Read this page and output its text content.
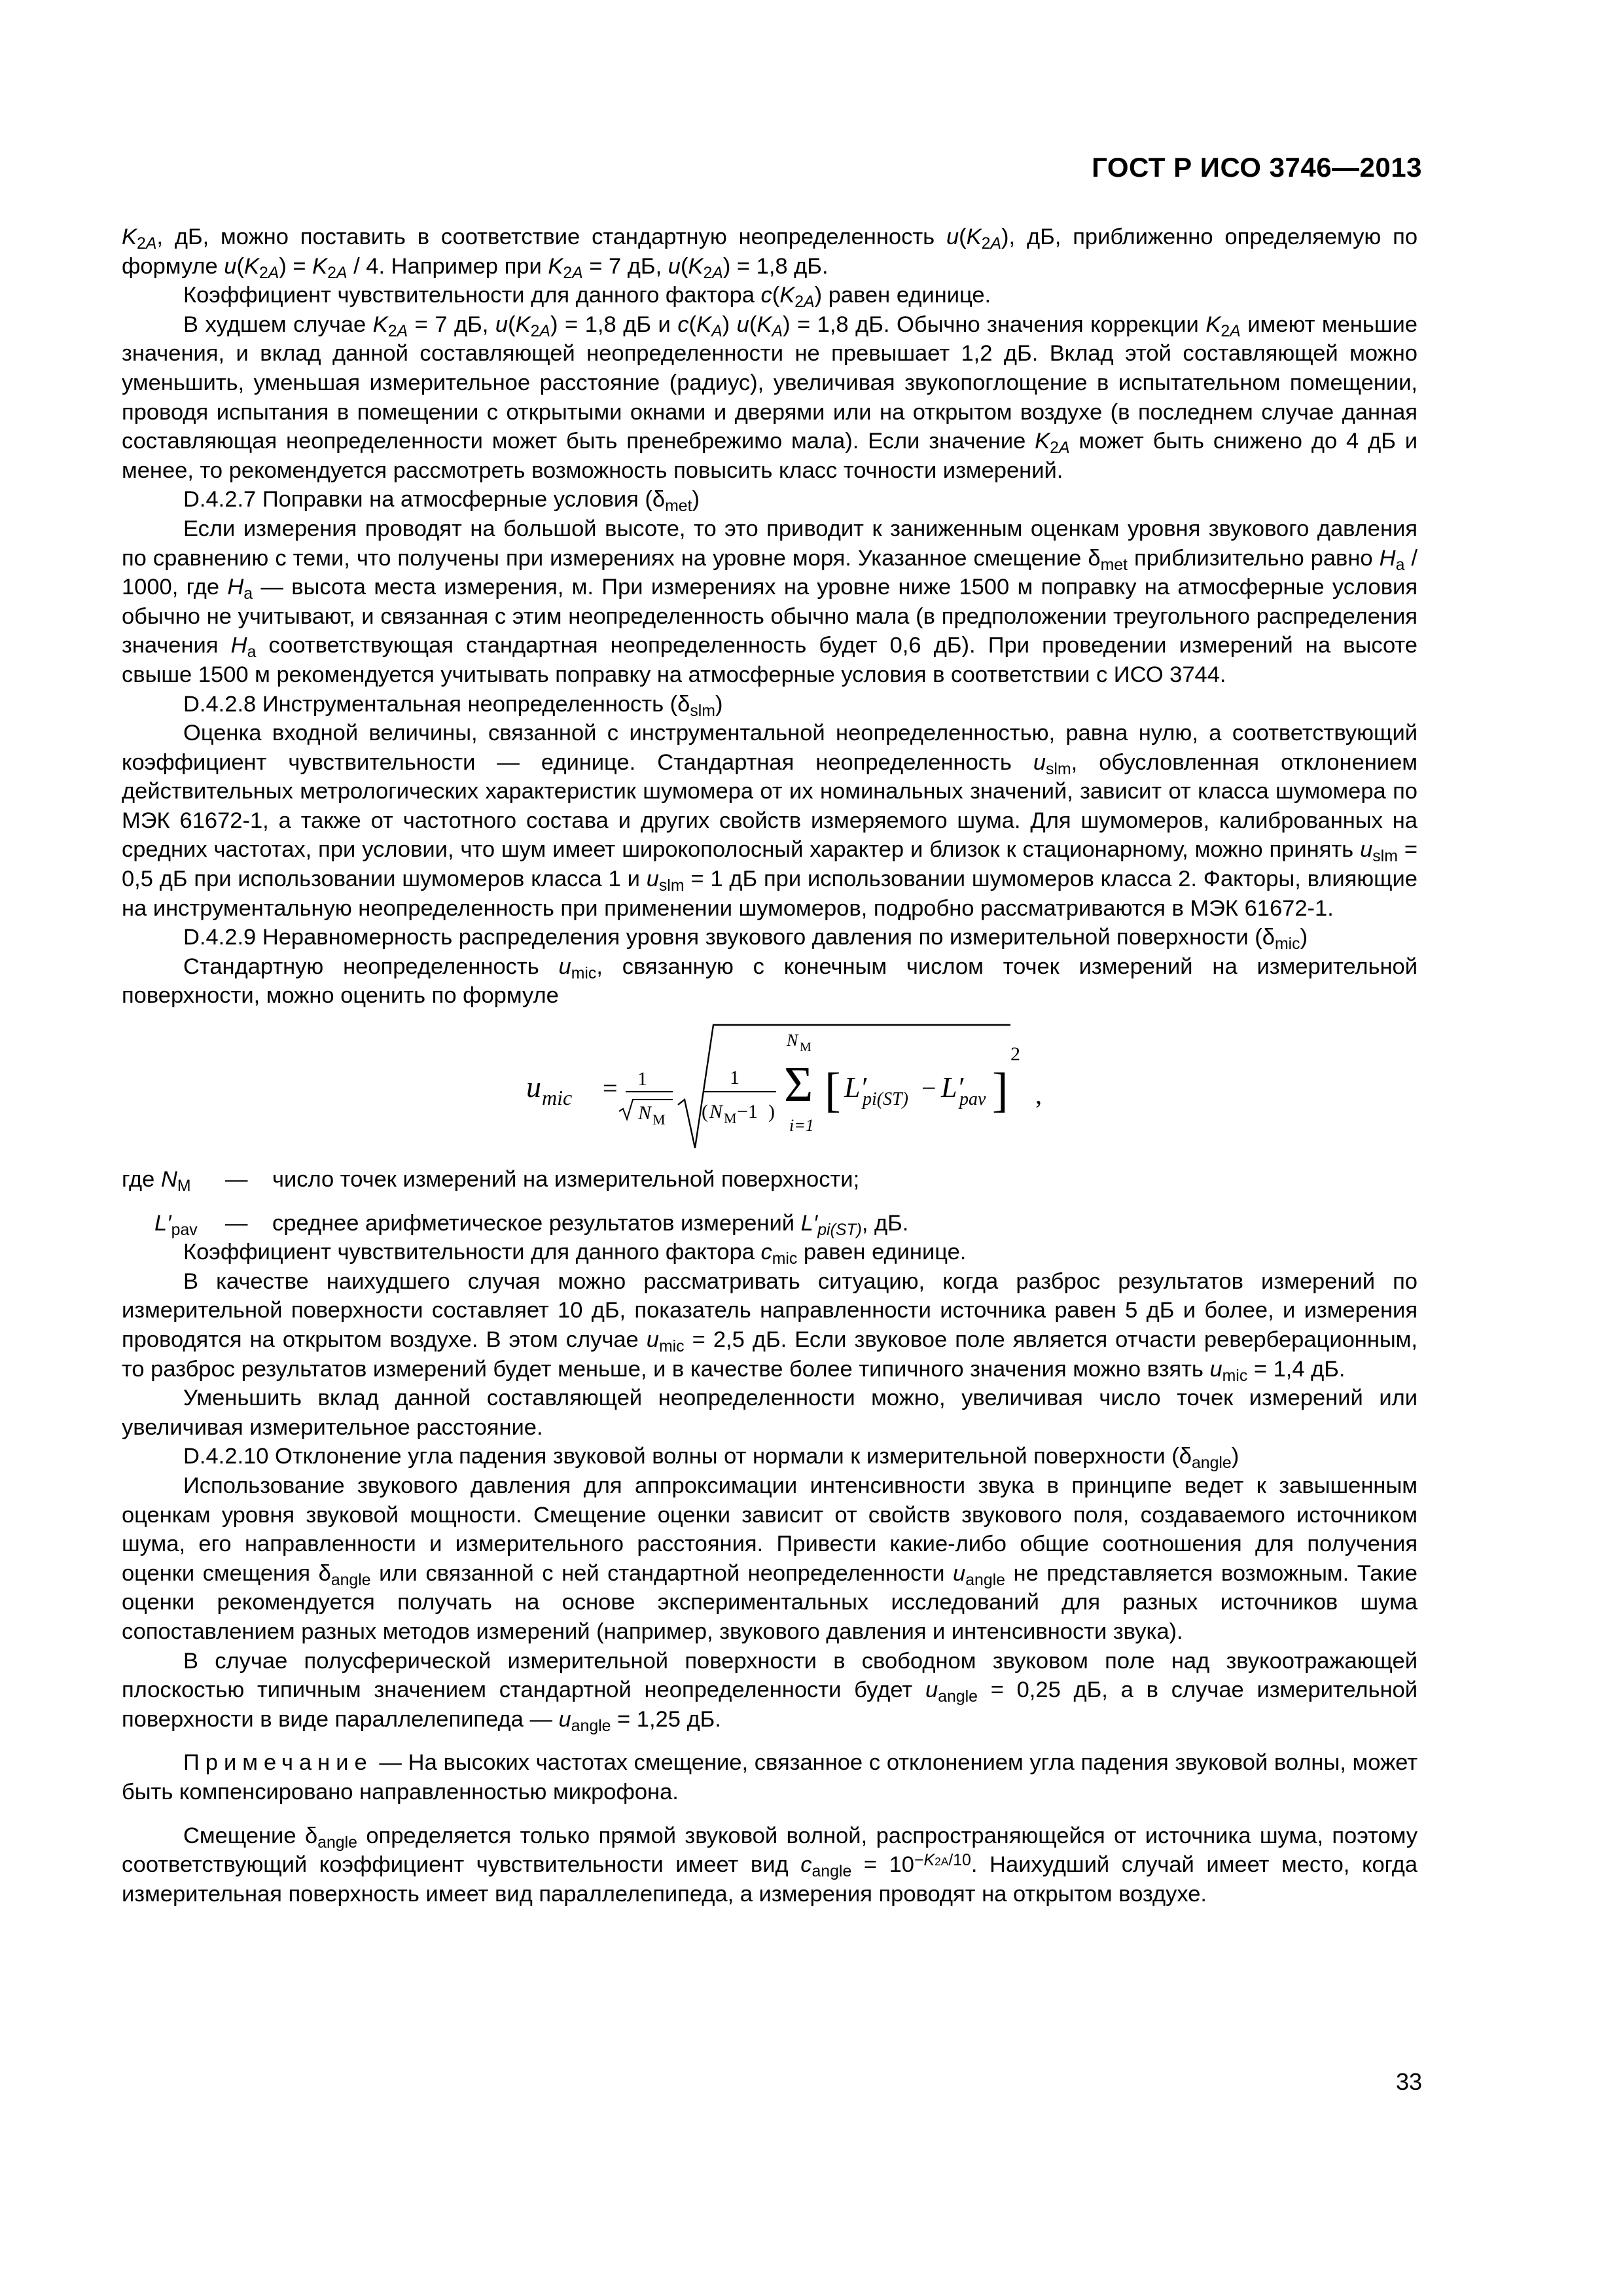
ГОСТ Р ИСО 3746—2013

$K_{2A}$, дБ, можно поставить в соответствие стандартную неопределенность $u(K_{2A})$, дБ, приближенно определяемую по формуле $u(K_{2A}) = K_{2A} / 4$. Например при $K_{2A} = 7$ дБ, $u(K_{2A}) = 1,8$ дБ.

Коэффициент чувствительности для данного фактора $c(K_{2A})$ равен единице.

В худшем случае $K_{2A} = 7$ дБ, $u(K_{2A}) = 1,8$ дБ и $c(K_A) u(K_A) = 1,8$ дБ. Обычно значения коррекции $K_{2A}$ имеют меньшие значения, и вклад данной составляющей неопределенности не превышает 1,2 дБ. Вклад этой составляющей можно уменьшить, уменьшая измерительное расстояние (радиус), увеличивая звукопоглощение в испытательном помещении, проводя испытания в помещении с открытыми окнами и дверями или на открытом воздухе (в последнем случае данная составляющая неопределенности может быть пренебрежимо мала). Если значение $K_{2A}$ может быть снижено до 4 дБ и менее, то рекомендуется рассмотреть возможность повысить класс точности измерений.

D.4.2.7 Поправки на атмосферные условия $(\delta_{met})$

Если измерения проводят на большой высоте, то это приводит к заниженным оценкам уровня звукового давления по сравнению с теми, что получены при измерениях на уровне моря. Указанное смещение $\delta_{met}$ приблизительно равно $H_a / 1000$, где $H_a$ — высота места измерения, м. При измерениях на уровне ниже 1500 м поправку на атмосферные условия обычно не учитывают, и связанная с этим неопределенность обычно мала (в предположении треугольного распределения значения $H_a$ соответствующая стандартная неопределенность будет 0,6 дБ). При проведении измерений на высоте свыше 1500 м рекомендуется учитывать поправку на атмосферные условия в соответствии с ИСО 3744.

D.4.2.8 Инструментальная неопределенность $(\delta_{slm})$

Оценка входной величины, связанной с инструментальной неопределенностью, равна нулю, а соответствующий коэффициент чувствительности — единице. Стандартная неопределенность $u_{slm}$, обусловленная отклонением действительных метрологических характеристик шумомера от их номинальных значений, зависит от класса шумомера по МЭК 61672-1, а также от частотного состава и других свойств измеряемого шума. Для шумомеров, калиброванных на средних частотах, при условии, что шум имеет широкополосный характер и близок к стационарному, можно принять $u_{slm} = 0,5$ дБ при использовании шумомеров класса 1 и $u_{slm} = 1$ дБ при использовании шумомеров класса 2. Факторы, влияющие на инструментальную неопределенность при применении шумомеров, подробно рассматриваются в МЭК 61672-1.

D.4.2.9 Неравномерность распределения уровня звукового давления по измерительной поверхности $(\delta_{mic})$

Стандартную неопределенность $u_{mic}$, связанную с конечным числом точек измерений на измерительной поверхности, можно оценить по формуле

u mic = 1
N M
1
( N M −1 )
N M
Σ
i=1
[ L′
pi(ST) − L′
pav ]
2
,
где $N_M$ — число точек измерений на измерительной поверхности;
$L'_{pav}$ — среднее арифметическое результатов измерений $L'_{pi(ST)}$, дБ.

Коэффициент чувствительности для данного фактора $c_{mic}$ равен единице.

В качестве наихудшего случая можно рассматривать ситуацию, когда разброс результатов измерений по измерительной поверхности составляет 10 дБ, показатель направленности источника равен 5 дБ и более, и измерения проводятся на открытом воздухе. В этом случае $u_{mic} = 2,5$ дБ. Если звуковое поле является отчасти реверберационным, то разброс результатов измерений будет меньше, и в качестве более типичного значения можно взять $u_{mic} = 1,4$ дБ.

Уменьшить вклад данной составляющей неопределенности можно, увеличивая число точек измерений или увеличивая измерительное расстояние.

D.4.2.10 Отклонение угла падения звуковой волны от нормали к измерительной поверхности $(\delta_{angle})$

Использование звукового давления для аппроксимации интенсивности звука в принципе ведет к завышенным оценкам уровня звуковой мощности. Смещение оценки зависит от свойств звукового поля, создаваемого источником шума, его направленности и измерительного расстояния. Привести какие-либо общие соотношения для получения оценки смещения $\delta_{angle}$ или связанной с ней стандартной неопределенности $u_{angle}$ не представляется возможным. Такие оценки рекомендуется получать на основе экспериментальных исследований для разных источников шума сопоставлением разных методов измерений (например, звукового давления и интенсивности звука).

В случае полусферической измерительной поверхности в свободном звуковом поле над звукоотражающей плоскостью типичным значением стандартной неопределенности будет $u_{angle} = 0,25$ дБ, а в случае измерительной поверхности в виде параллелепипеда — $u_{angle} = 1,25$ дБ.

Примечание — На высоких частотах смещение, связанное с отклонением угла падения звуковой волны, может быть компенсировано направленностью микрофона.

Смещение $\delta_{angle}$ определяется только прямой звуковой волной, распространяющейся от источника шума, поэтому соответствующий коэффициент чувствительности имеет вид $c_{angle} = 10^{-K2A/10}$. Наихудший случай имеет место, когда измерительная поверхность имеет вид параллелепипеда, а измерения проводят на открытом воздухе.

33
